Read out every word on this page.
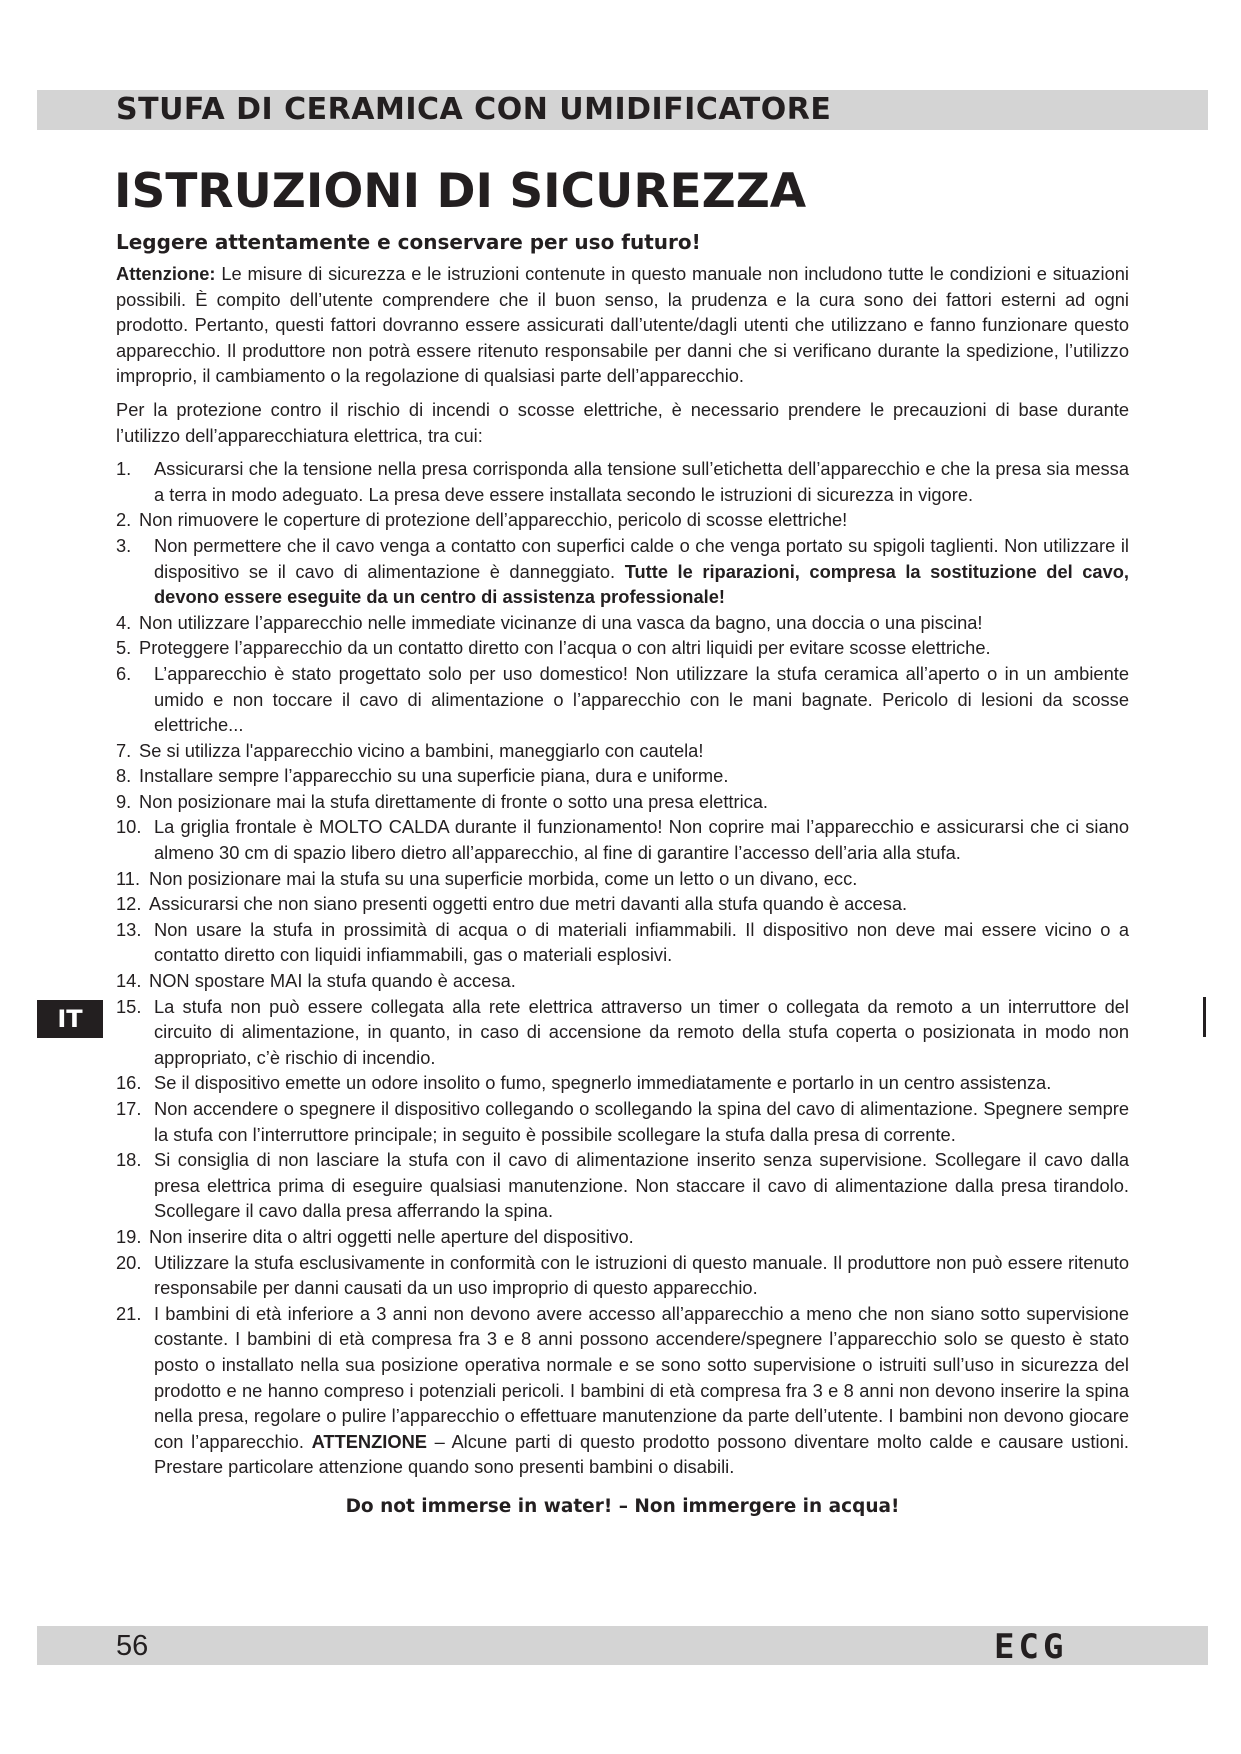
STUFA DI CERAMICA CON UMIDIFICATORE
ISTRUZIONI DI SICUREZZA
Leggere attentamente e conservare per uso futuro!

Attenzione: Le misure di sicurezza e le istruzioni contenute in questo manuale non includono tutte le condizioni e situazioni possibili. È compito dell’utente comprendere che il buon senso, la prudenza e la cura sono dei fattori esterni ad ogni prodotto. Pertanto, questi fattori dovranno essere assicurati dall’utente/dagli utenti che utilizzano e fanno funzionare questo apparecchio. Il produttore non potrà essere ritenuto responsabile per danni che si verificano durante la spedizione, l’utilizzo improprio, il cambiamento o la regolazione di qualsiasi parte dell’apparecchio.

Per la protezione contro il rischio di incendi o scosse elettriche, è necessario prendere le precauzioni di base durante l’utilizzo dell’apparecchiatura elettrica, tra cui:

1. Assicurarsi che la tensione nella presa corrisponda alla tensione sull’etichetta dell’apparecchio e che la presa sia messa a terra in modo adeguato. La presa deve essere installata secondo le istruzioni di sicurezza in vigore.
2. Non rimuovere le coperture di protezione dell’apparecchio, pericolo di scosse elettriche!
3. Non permettere che il cavo venga a contatto con superfici calde o che venga portato su spigoli taglienti. Non utilizzare il dispositivo se il cavo di alimentazione è danneggiato. Tutte le riparazioni, compresa la sostituzione del cavo, devono essere eseguite da un centro di assistenza professionale!
4. Non utilizzare l’apparecchio nelle immediate vicinanze di una vasca da bagno, una doccia o una piscina!
5. Proteggere l’apparecchio da un contatto diretto con l’acqua o con altri liquidi per evitare scosse elettriche.
6. L’apparecchio è stato progettato solo per uso domestico! Non utilizzare la stufa ceramica all’aperto o in un ambiente umido e non toccare il cavo di alimentazione o l’apparecchio con le mani bagnate. Pericolo di lesioni da scosse elettriche...
7. Se si utilizza l'apparecchio vicino a bambini, maneggiarlo con cautela!
8. Installare sempre l’apparecchio su una superficie piana, dura e uniforme.
9. Non posizionare mai la stufa direttamente di fronte o sotto una presa elettrica.
10. La griglia frontale è MOLTO CALDA durante il funzionamento! Non coprire mai l’apparecchio e assicurarsi che ci siano almeno 30 cm di spazio libero dietro all’apparecchio, al fine di garantire l’accesso dell’aria alla stufa.
11. Non posizionare mai la stufa su una superficie morbida, come un letto o un divano, ecc.
12. Assicurarsi che non siano presenti oggetti entro due metri davanti alla stufa quando è accesa.
13. Non usare la stufa in prossimità di acqua o di materiali infiammabili. Il dispositivo non deve mai essere vicino o a contatto diretto con liquidi infiammabili, gas o materiali esplosivi.
14. NON spostare MAI la stufa quando è accesa.
15. La stufa non può essere collegata alla rete elettrica attraverso un timer o collegata da remoto a un interruttore del circuito di alimentazione, in quanto, in caso di accensione da remoto della stufa coperta o posizionata in modo non appropriato, c’è rischio di incendio.
16. Se il dispositivo emette un odore insolito o fumo, spegnerlo immediatamente e portarlo in un centro assistenza.
17. Non accendere o spegnere il dispositivo collegando o scollegando la spina del cavo di alimentazione. Spegnere sempre la stufa con l’interruttore principale; in seguito è possibile scollegare la stufa dalla presa di corrente.
18. Si consiglia di non lasciare la stufa con il cavo di alimentazione inserito senza supervisione. Scollegare il cavo dalla presa elettrica prima di eseguire qualsiasi manutenzione. Non staccare il cavo di alimentazione dalla presa tirandolo. Scollegare il cavo dalla presa afferrando la spina.
19. Non inserire dita o altri oggetti nelle aperture del dispositivo.
20. Utilizzare la stufa esclusivamente in conformità con le istruzioni di questo manuale. Il produttore non può essere ritenuto responsabile per danni causati da un uso improprio di questo apparecchio.
21. I bambini di età inferiore a 3 anni non devono avere accesso all’apparecchio a meno che non siano sotto supervisione costante. I bambini di età compresa fra 3 e 8 anni possono accendere/spegnere l’apparecchio solo se questo è stato posto o installato nella sua posizione operativa normale e se sono sotto supervisione o istruiti sull’uso in sicurezza del prodotto e ne hanno compreso i potenziali pericoli. I bambini di età compresa fra 3 e 8 anni non devono inserire la spina nella presa, regolare o pulire l’apparecchio o effettuare manutenzione da parte dell’utente. I bambini non devono giocare con l’apparecchio. ATTENZIONE – Alcune parti di questo prodotto possono diventare molto calde e causare ustioni. Prestare particolare attenzione quando sono presenti bambini o disabili.
Do not immerse in water! – Non immergere in acqua!
IT
56	ECG
